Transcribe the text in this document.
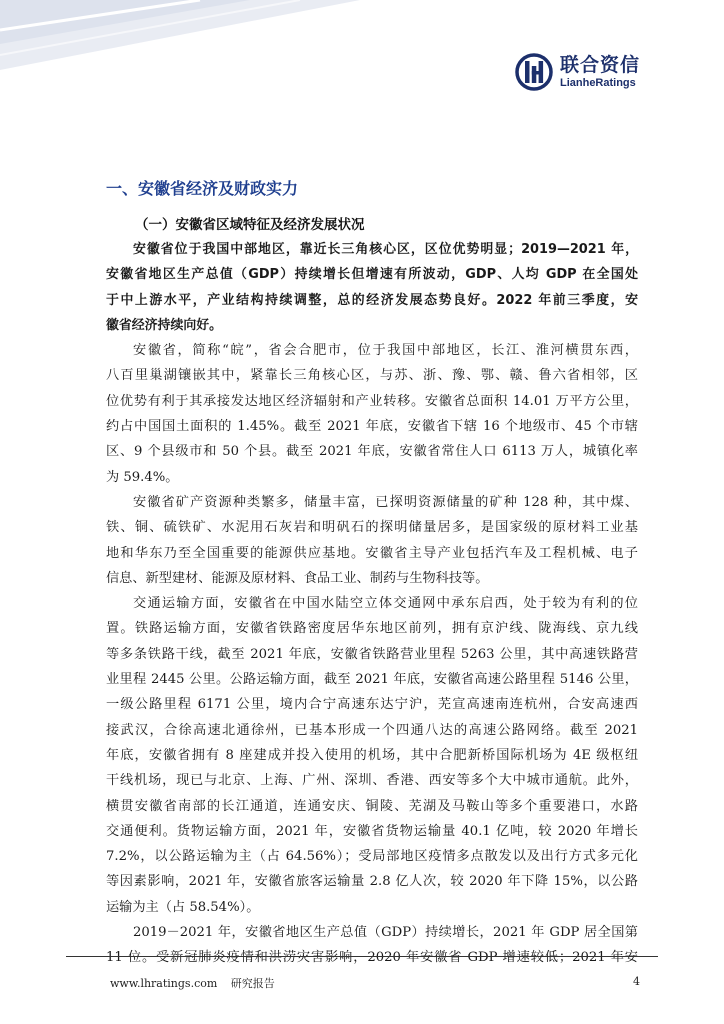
联合资信
LianheRatings
一、安徽省经济及财政实力
（一）安徽省区域特征及经济发展状况
安徽省位于我国中部地区，靠近长三角核心区，区位优势明显；2019—2021 年，
安徽省地区生产总值（GDP）持续增长但增速有所波动，GDP、人均 GDP 在全国处
于中上游水平，产业结构持续调整，总的经济发展态势良好。2022 年前三季度，安
徽省经济持续向好。
安徽省，简称“皖”，省会合肥市，位于我国中部地区，长江、淮河横贯东西，
八百里巢湖镶嵌其中，紧靠长三角核心区，与苏、浙、豫、鄂、赣、鲁六省相邻，区
位优势有利于其承接发达地区经济辐射和产业转移。安徽省总面积 14.01 万平方公里，
约占中国国土面积的 1.45%。截至 2021 年底，安徽省下辖 16 个地级市、45 个市辖
区、9 个县级市和 50 个县。截至 2021 年底，安徽省常住人口 6113 万人，城镇化率
为 59.4%。
安徽省矿产资源种类繁多，储量丰富，已探明资源储量的矿种 128 种，其中煤、
铁、铜、硫铁矿、水泥用石灰岩和明矾石的探明储量居多，是国家级的原材料工业基
地和华东乃至全国重要的能源供应基地。安徽省主导产业包括汽车及工程机械、电子
信息、新型建材、能源及原材料、食品工业、制药与生物科技等。
交通运输方面，安徽省在中国水陆空立体交通网中承东启西，处于较为有利的位
置。铁路运输方面，安徽省铁路密度居华东地区前列，拥有京沪线、陇海线、京九线
等多条铁路干线，截至 2021 年底，安徽省铁路营业里程 5263 公里，其中高速铁路营
业里程 2445 公里。公路运输方面，截至 2021 年底，安徽省高速公路里程 5146 公里，
一级公路里程 6171 公里，境内合宁高速东达宁沪，芜宣高速南连杭州，合安高速西
接武汉，合徐高速北通徐州，已基本形成一个四通八达的高速公路网络。截至 2021
年底，安徽省拥有 8 座建成并投入使用的机场，其中合肥新桥国际机场为 4E 级枢纽
干线机场，现已与北京、上海、广州、深圳、香港、西安等多个大中城市通航。此外，
横贯安徽省南部的长江通道，连通安庆、铜陵、芜湖及马鞍山等多个重要港口，水路
交通便利。货物运输方面，2021 年，安徽省货物运输量 40.1 亿吨，较 2020 年增长
7.2%，以公路运输为主（占 64.56%）；受局部地区疫情多点散发以及出行方式多元化
等因素影响，2021 年，安徽省旅客运输量 2.8 亿人次，较 2020 年下降 15%，以公路
运输为主（占 58.54%）。
2019－2021 年，安徽省地区生产总值（GDP）持续增长，2021 年 GDP 居全国第
11 位。受新冠肺炎疫情和洪涝灾害影响，2020 年安徽省 GDP 增速较低；2021 年安
www.lhratings.com 研究报告	4
